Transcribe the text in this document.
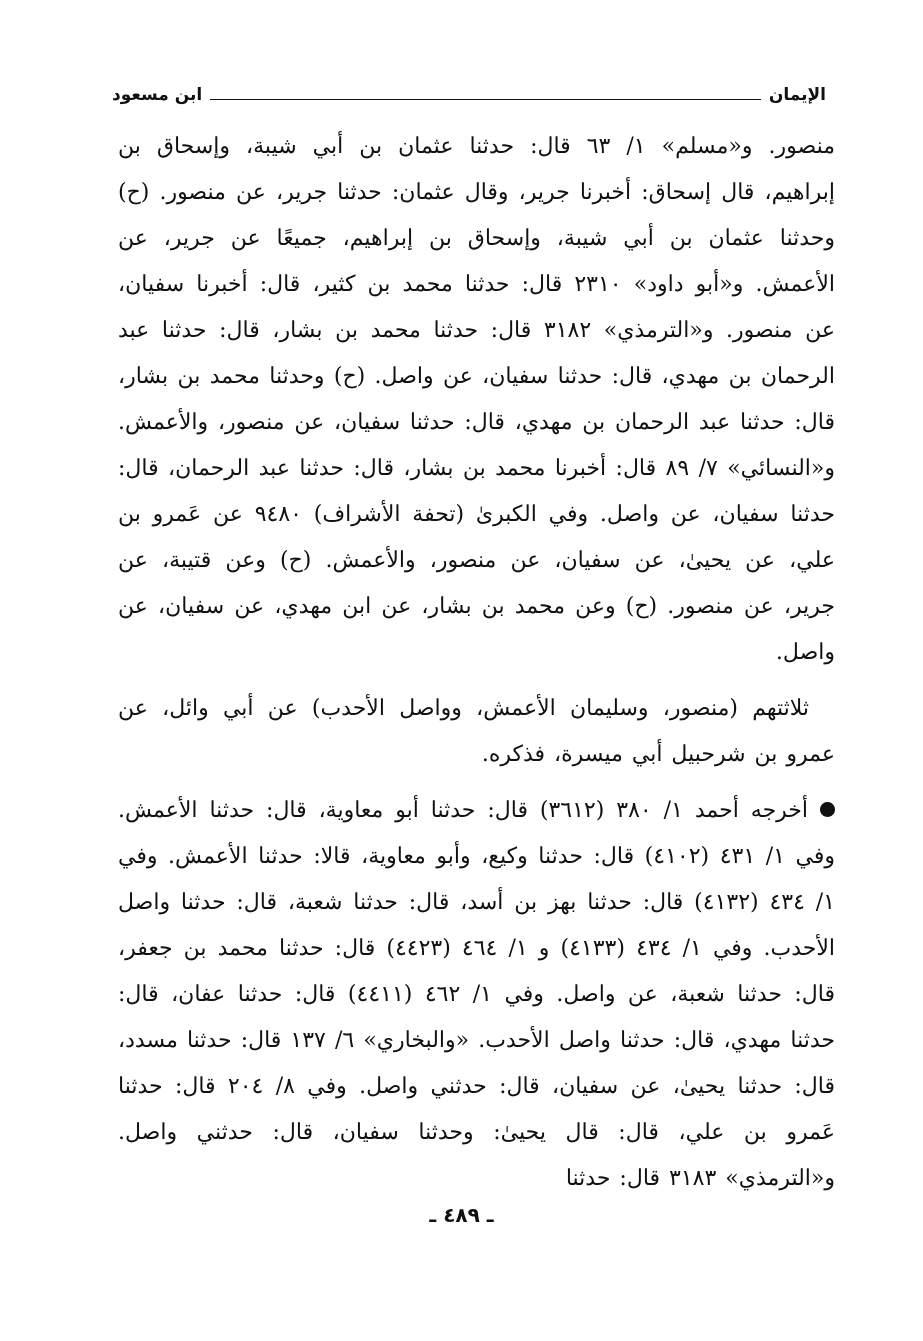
الإيمان
ابن مسعود

منصور. و«مسلم» ١/ ٦٣ قال: حدثنا عثمان بن أبي شيبة، وإسحاق بن إبراهيم، قال إسحاق: أخبرنا جرير، وقال عثمان: حدثنا جرير، عن منصور. (ح) وحدثنا عثمان بن أبي شيبة، وإسحاق بن إبراهيم، جميعًا عن جرير، عن الأعمش. و«أبو داود» ٢٣١٠ قال: حدثنا محمد بن كثير، قال: أخبرنا سفيان، عن منصور. و«الترمذي» ٣١٨٢ قال: حدثنا محمد بن بشار، قال: حدثنا عبد الرحمان بن مهدي، قال: حدثنا سفيان، عن واصل. (ح) وحدثنا محمد بن بشار، قال: حدثنا عبد الرحمان بن مهدي، قال: حدثنا سفيان، عن منصور، والأعمش. و«النسائي» ٧/ ٨٩ قال: أخبرنا محمد بن بشار، قال: حدثنا عبد الرحمان، قال: حدثنا سفيان، عن واصل. وفي الكبرىٰ (تحفة الأشراف) ٩٤٨٠ عن عَمرو بن علي، عن يحيىٰ، عن سفيان، عن منصور، والأعمش. (ح) وعن قتيبة، عن جرير، عن منصور. (ح) وعن محمد بن بشار، عن ابن مهدي، عن سفيان، عن واصل.

ثلاثتهم (منصور، وسليمان الأعمش، وواصل الأحدب) عن أبي وائل، عن عمرو بن شرحبيل أبي ميسرة، فذكره.

أخرجه أحمد ١/ ٣٨٠ (٣٦١٢) قال: حدثنا أبو معاوية، قال: حدثنا الأعمش. وفي ١/ ٤٣١ (٤١٠٢) قال: حدثنا وكيع، وأبو معاوية، قالا: حدثنا الأعمش. وفي ١/ ٤٣٤ (٤١٣٢) قال: حدثنا بهز بن أسد، قال: حدثنا شعبة، قال: حدثنا واصل الأحدب. وفي ١/ ٤٣٤ (٤١٣٣) و ١/ ٤٦٤ (٤٤٢٣) قال: حدثنا محمد بن جعفر، قال: حدثنا شعبة، عن واصل. وفي ١/ ٤٦٢ (٤٤١١) قال: حدثنا عفان، قال: حدثنا مهدي، قال: حدثنا واصل الأحدب. «والبخاري» ٦/ ١٣٧ قال: حدثنا مسدد، قال: حدثنا يحيىٰ، عن سفيان، قال: حدثني واصل. وفي ٨/ ٢٠٤ قال: حدثنا عَمرو بن علي، قال: قال يحيىٰ: وحدثنا سفيان، قال: حدثني واصل. و«الترمذي» ٣١٨٣ قال: حدثنا

ـ ٤٨٩ ـ
